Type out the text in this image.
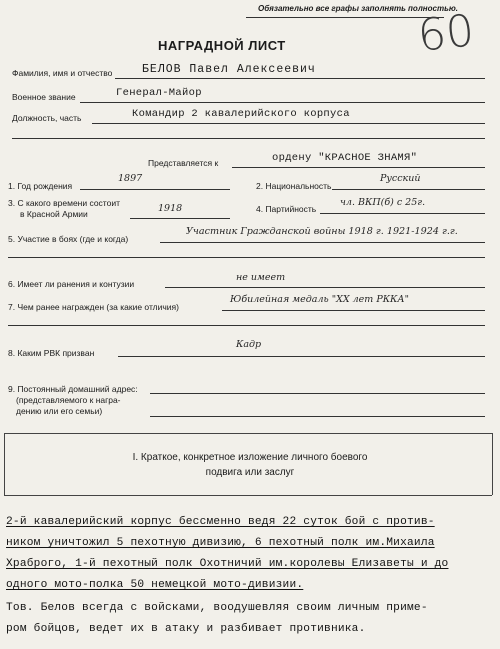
Обязательно все графы заполнять полностью.
60
НАГРАДНОЙ ЛИСТ
Фамилия, имя и отчество	БЕЛОВ Павел Алексеевич
Военное звание	Генерал-Майор
Должность, часть	Командир 2 кавалерийского корпуса
Представляется к	ордену "КРАСНОЕ ЗНАМЯ"
1. Год рождения
1897
2. Национальность
Русский
3. С какого времени состоит
в Красной Армии	1918	4. Партийность
чл. ВКП(б) с 25г.
5. Участие в боях (где и когда)
Участник Гражданской войны 1918 г. 1921-1924 г.г.
6. Имеет ли ранения и контузии
не имеет
7. Чем ранее награжден (за какие отличия)
Юбилейная медаль "XX лет РККА"
8. Каким РВК призван
Кадр
9. Постоянный домашний адрес:
(представляемого к награ-
дению или его семьи)
I. Краткое, конкретное изложение личного боевого
подвига или заслуг
2-й кавалерийский корпус бессменно ведя 22 суток бой с против-
ником уничтожил 5 пехотную дивизию, 6 пехотный полк им.Михаила
Храброго, 1-й пехотный полк Охотничий им.королевы Елизаветы и до
одного мото-полка 50 немецкой мото-дивизии.
Тов. Белов всегда с войсками, воодушевляя своим личным приме-
ром бойцов, ведет их в атаку и разбивает противника.
